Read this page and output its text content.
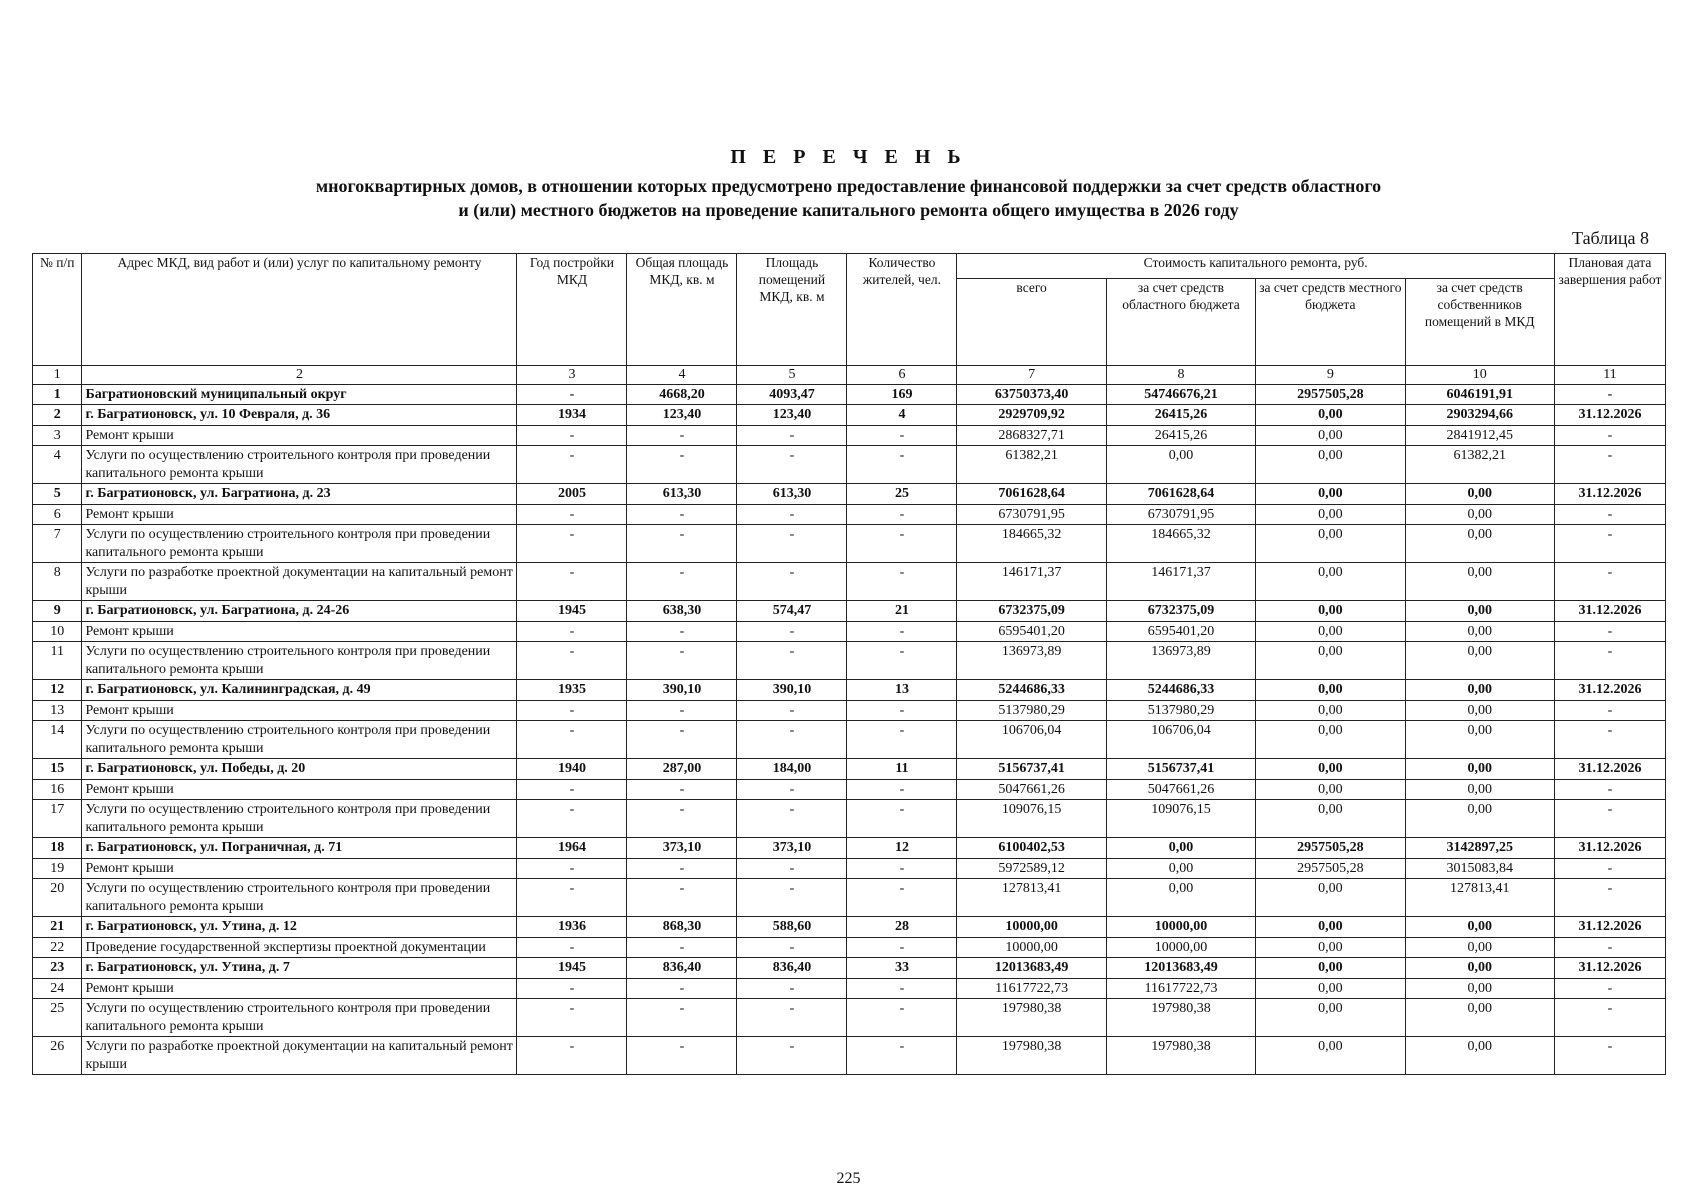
П Е Р Е Ч Е Н Ь
многоквартирных домов, в отношении которых предусмотрено предоставление финансовой поддержки за счет средств областного
и (или) местного бюджетов на проведение капитального ремонта общего имущества в 2026 году
Таблица 8
№ п/п	Адрес МКД, вид работ и (или) услуг по капитальному ремонту	Год постройки МКД	Общая площадь МКД, кв. м	Площадь помещений МКД, кв. м	Количество жителей, чел.	Стоимость капитального ремонта, руб.				Плановая дата завершения работ
						всего	за счет средств областного бюджета	за счет средств местного бюджета	за счет средств собственников помещений в МКД	
1	2	3	4	5	6	7	8	9	10	11
1	Багратионовский муниципальный округ	-	4668,20	4093,47	169	63750373,40	54746676,21	2957505,28	6046191,91	-
2	г. Багратионовск, ул. 10 Февраля, д. 36	1934	123,40	123,40	4	2929709,92	26415,26	0,00	2903294,66	31.12.2026
3	Ремонт крыши	-	-	-	-	2868327,71	26415,26	0,00	2841912,45	-
4	Услуги по осуществлению строительного контроля при проведении капитального ремонта крыши	-	-	-	-	61382,21	0,00	0,00	61382,21	-
5	г. Багратионовск, ул. Багратиона, д. 23	2005	613,30	613,30	25	7061628,64	7061628,64	0,00	0,00	31.12.2026
6	Ремонт крыши	-	-	-	-	6730791,95	6730791,95	0,00	0,00	-
7	Услуги по осуществлению строительного контроля при проведении капитального ремонта крыши	-	-	-	-	184665,32	184665,32	0,00	0,00	-
8	Услуги по разработке проектной документации на капитальный ремонт крыши	-	-	-	-	146171,37	146171,37	0,00	0,00	-
9	г. Багратионовск, ул. Багратиона, д. 24-26	1945	638,30	574,47	21	6732375,09	6732375,09	0,00	0,00	31.12.2026
10	Ремонт крыши	-	-	-	-	6595401,20	6595401,20	0,00	0,00	-
11	Услуги по осуществлению строительного контроля при проведении капитального ремонта крыши	-	-	-	-	136973,89	136973,89	0,00	0,00	-
12	г. Багратионовск, ул. Калининградская, д. 49	1935	390,10	390,10	13	5244686,33	5244686,33	0,00	0,00	31.12.2026
13	Ремонт крыши	-	-	-	-	5137980,29	5137980,29	0,00	0,00	-
14	Услуги по осуществлению строительного контроля при проведении капитального ремонта крыши	-	-	-	-	106706,04	106706,04	0,00	0,00	-
15	г. Багратионовск, ул. Победы, д. 20	1940	287,00	184,00	11	5156737,41	5156737,41	0,00	0,00	31.12.2026
16	Ремонт крыши	-	-	-	-	5047661,26	5047661,26	0,00	0,00	-
17	Услуги по осуществлению строительного контроля при проведении капитального ремонта крыши	-	-	-	-	109076,15	109076,15	0,00	0,00	-
18	г. Багратионовск, ул. Пограничная, д. 71	1964	373,10	373,10	12	6100402,53	0,00	2957505,28	3142897,25	31.12.2026
19	Ремонт крыши	-	-	-	-	5972589,12	0,00	2957505,28	3015083,84	-
20	Услуги по осуществлению строительного контроля при проведении капитального ремонта крыши	-	-	-	-	127813,41	0,00	0,00	127813,41	-
21	г. Багратионовск, ул. Утина, д. 12	1936	868,30	588,60	28	10000,00	10000,00	0,00	0,00	31.12.2026
22	Проведение государственной экспертизы проектной документации	-	-	-	-	10000,00	10000,00	0,00	0,00	-
23	г. Багратионовск, ул. Утина, д. 7	1945	836,40	836,40	33	12013683,49	12013683,49	0,00	0,00	31.12.2026
24	Ремонт крыши	-	-	-	-	11617722,73	11617722,73	0,00	0,00	-
25	Услуги по осуществлению строительного контроля при проведении капитального ремонта крыши	-	-	-	-	197980,38	197980,38	0,00	0,00	-
26	Услуги по разработке проектной документации на капитальный ремонт крыши	-	-	-	-	197980,38	197980,38	0,00	0,00	-
225
